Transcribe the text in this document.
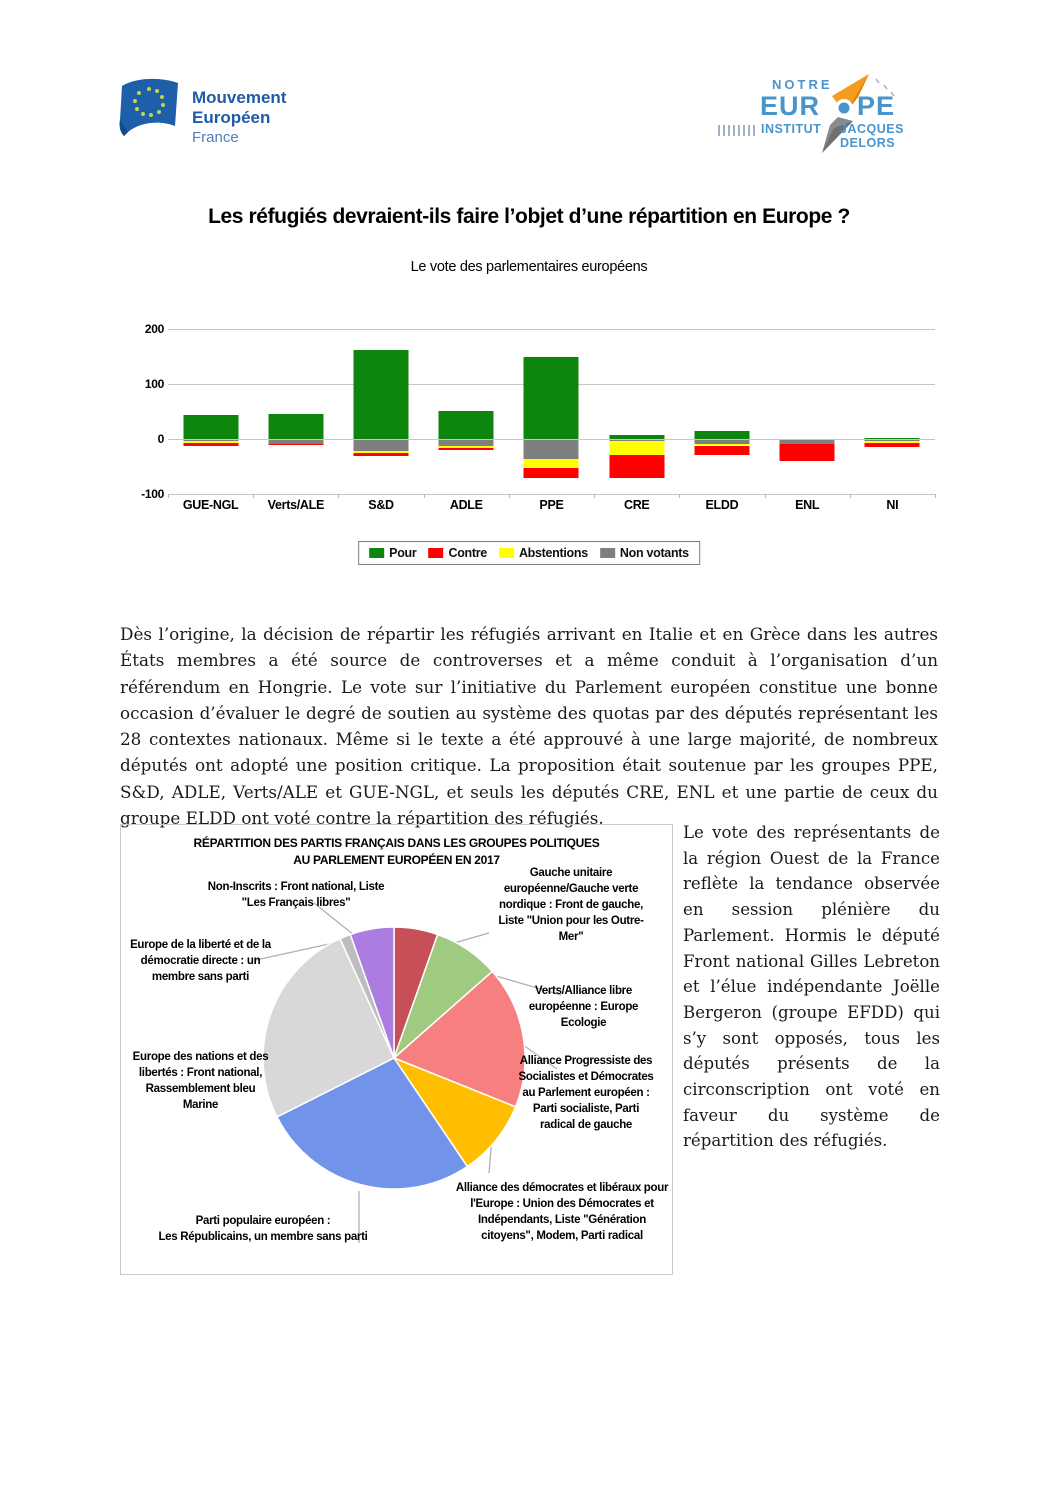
Mouvement
Européen
France
NOTRE
EUR PE
INSTITUT JACQUES DELORS
Les réfugiés devraient-ils faire l’objet d’une répartition en Europe ?
Le vote des parlementaires européens
GUE-NGL	Verts/ALE	S&D	ADLE	PPE	CRE	ELDD	ENL	NI
200
100
0
-100
Pour	Contre	Abstentions	Non votants
Dès l’origine, la décision de répartir les réfugiés arrivant en Italie et en Grèce dans les autres États membres a été source de controverses et a même conduit à l’organisation d’un référendum en Hongrie. Le vote sur l’initiative du Parlement européen constitue une bonne occasion d’évaluer le degré de soutien au système des quotas par des députés représentant les 28 contextes nationaux. Même si le texte a été approuvé à une large majorité, de nombreux députés ont adopté une position critique. La proposition était soutenue par les groupes PPE, S&D, ADLE, Verts/ALE et GUE-NGL, et seuls les députés CRE, ENL et une partie de ceux du groupe ELDD ont voté contre la répartition des réfugiés.
RÉPARTITION DES PARTIS FRANÇAIS DANS LES GROUPES POLITIQUES
AU PARLEMENT EUROPÉEN EN 2017
Gauche unitaire
européenne/Gauche verte
nordique : Front de gauche,
Liste "Union pour les Outre-
Mer"
Verts/Alliance libre
européenne : Europe
Ecologie
Alliance Progressiste des
Socialistes et Démocrates
au Parlement européen :
Parti socialiste, Parti
radical de gauche
Alliance des démocrates et libéraux pour
l'Europe : Union des Démocrates et
Indépendants, Liste "Génération
citoyens", Modem, Parti radical
Parti populaire européen :
Les Républicains, un membre sans parti
Europe des nations et des
libertés : Front national,
Rassemblement bleu
Marine
Europe de la liberté et de la
démocratie directe : un
membre sans parti
Non-Inscrits : Front national, Liste
"Les Français libres"
Le vote des représentants de la région Ouest de la France reflète la tendance observée en session plénière du Parlement. Hormis le député Front national Gilles Lebreton et l’élue indépendante Joëlle Bergeron (groupe EFDD) qui s’y sont opposés, tous les députés présents de la circonscription ont voté en faveur du système de répartition des réfugiés.
